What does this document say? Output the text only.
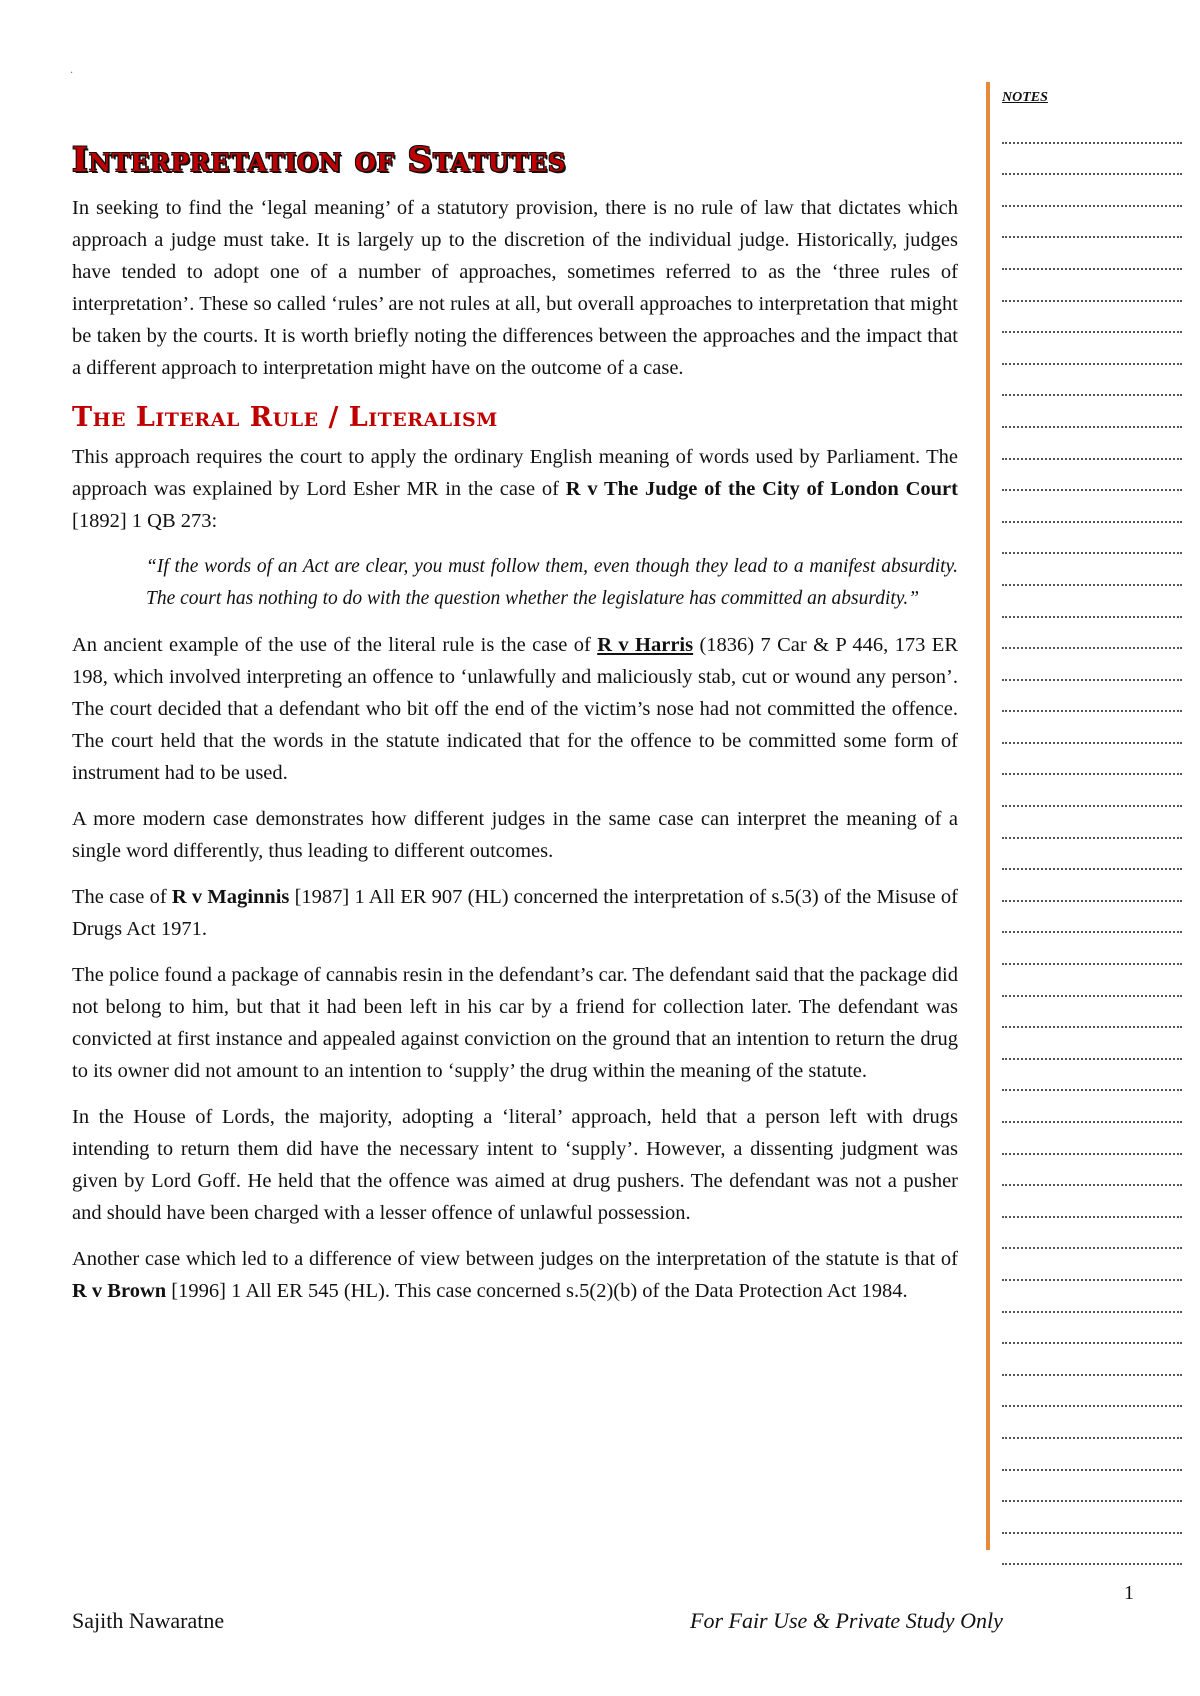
.
Interpretation of Statutes

In seeking to find the ‘legal meaning’ of a statutory provision, there is no rule of law that dictates which approach a judge must take. It is largely up to the discretion of the individual judge. Historically, judges have tended to adopt one of a number of approaches, sometimes referred to as the ‘three rules of interpretation’. These so called ‘rules’ are not rules at all, but overall approaches to interpretation that might be taken by the courts. It is worth briefly noting the differences between the approaches and the impact that a different approach to interpretation might have on the outcome of a case.

The Literal Rule / Literalism

This approach requires the court to apply the ordinary English meaning of words used by Parliament. The approach was explained by Lord Esher MR in the case of R v The Judge of the City of London Court [1892] 1 QB 273:

“If the words of an Act are clear, you must follow them, even though they lead to a manifest absurdity. The court has nothing to do with the question whether the legislature has committed an absurdity.”

An ancient example of the use of the literal rule is the case of R v Harris (1836) 7 Car & P 446, 173 ER 198, which involved interpreting an offence to ‘unlawfully and maliciously stab, cut or wound any person’. The court decided that a defendant who bit off the end of the victim’s nose had not committed the offence. The court held that the words in the statute indicated that for the offence to be committed some form of instrument had to be used.

A more modern case demonstrates how different judges in the same case can interpret the meaning of a single word differently, thus leading to different outcomes.

The case of R v Maginnis [1987] 1 All ER 907 (HL) concerned the interpretation of s.5(3) of the Misuse of Drugs Act 1971.

The police found a package of cannabis resin in the defendant’s car. The defendant said that the package did not belong to him, but that it had been left in his car by a friend for collection later. The defendant was convicted at first instance and appealed against conviction on the ground that an intention to return the drug to its owner did not amount to an intention to ‘supply’ the drug within the meaning of the statute.

In the House of Lords, the majority, adopting a ‘literal’ approach, held that a person left with drugs intending to return them did have the necessary intent to ‘supply’. However, a dissenting judgment was given by Lord Goff. He held that the offence was aimed at drug pushers. The defendant was not a pusher and should have been charged with a lesser offence of unlawful possession.

Another case which led to a difference of view between judges on the interpretation of the statute is that of R v Brown [1996] 1 All ER 545 (HL). This case concerned s.5(2)(b) of the Data Protection Act 1984.

NOTES
1
Sajith Nawaratne	For Fair Use & Private Study Only
